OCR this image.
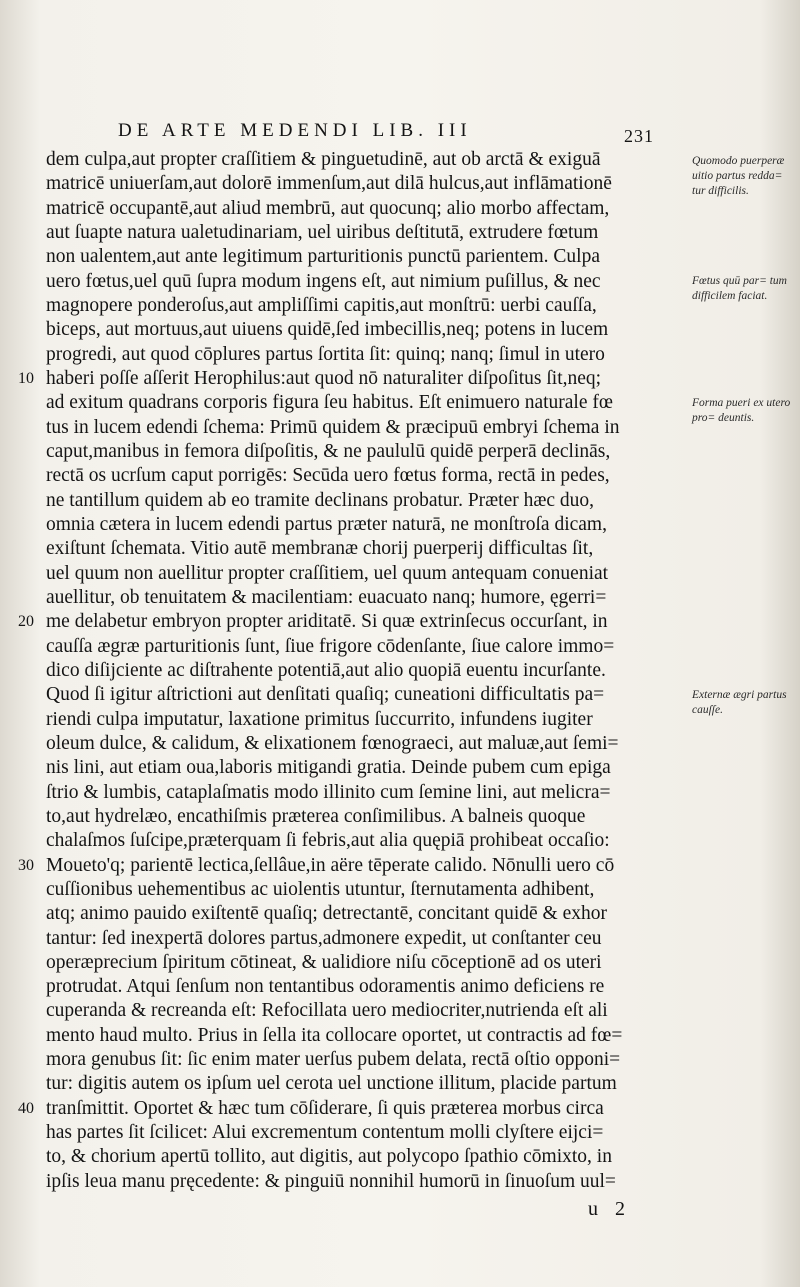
DE ARTE MEDENDI LIB. III	231
dem culpa,aut propter craſſitiem & pinguetudinē, aut ob arctā & exiguā
matricē uniuerſam,aut dolorē immenſum,aut dilā hulcus,aut inflāmationē
matricē occupantē,aut aliud membrū, aut quocunq; alio morbo affectam,
aut ſuapte natura ualetudinariam, uel uiribus deſtitutā, extrudere fœtum
non ualentem,aut ante legitimum parturitionis punctū parientem. Culpa
uero fœtus,uel quū ſupra modum ingens eſt, aut nimium puſillus, & nec
magnopere ponderoſus,aut ampliſſimi capitis,aut monſtrū: uerbi cauſſa,
biceps, aut mortuus,aut uiuens quidē,ſed imbecillis,neq; potens in lucem
progredi, aut quod cōplures partus ſortita ſit: quinq; nanq; ſimul in utero
10 haberi poſſe aſſerit Herophilus:aut quod nō naturaliter diſpoſitus ſit,neq;
ad exitum quadrans corporis figura ſeu habitus. Eſt enimuero naturale fœ
tus in lucem edendi ſchema: Primū quidem & præcipuū embryi ſchema in
caput,manibus in femora diſpoſitis, & ne paululū quidē perperā declinās,
rectā os ucrſum caput porrigēs: Secūda uero fœtus forma, rectā in pedes,
ne tantillum quidem ab eo tramite declinans probatur. Præter hæc duo,
omnia cætera in lucem edendi partus præter naturā, ne monſtroſa dicam,
exiſtunt ſchemata. Vitio autē membranæ chorij puerperij difficultas ſit,
uel quum non auellitur propter craſſitiem, uel quum antequam conueniat
auellitur, ob tenuitatem & macilentiam: euacuato nanq; humore, ęgerri=
20 me delabetur embryon propter ariditatē. Si quæ extrinſecus occurſant, in
cauſſa ægræ parturitionis ſunt, ſiue frigore cōdenſante, ſiue calore immo=
dico diſijciente ac diſtrahente potentiā,aut alio quopiā euentu incurſante.
Quod ſi igitur aſtrictioni aut denſitati quaſiq; cuneationi difficultatis pa=
riendi culpa imputatur, laxatione primitus ſuccurrito, infundens iugiter
oleum dulce, & calidum, & elixationem fœnograeci, aut maluæ,aut ſemi=
nis lini, aut etiam oua,laboris mitigandi gratia. Deinde pubem cum epiga
ſtrio & lumbis, cataplaſmatis modo illinito cum ſemine lini, aut melicra=
to,aut hydrelæo, encathiſmis præterea conſimilibus. A balneis quoque
chalaſmos ſuſcipe,præterquam ſi febris,aut alia quępiā prohibeat occaſio:
30 Moueto'q; parientē lectica,ſellâue,in aëre tēperate calido. Nōnulli uero cō
cuſſionibus uehementibus ac uiolentis utuntur, ſternutamenta adhibent,
atq; animo pauido exiſtentē quaſiq; detrectantē, concitant quidē & exhor
tantur: ſed inexpertā dolores partus,admonere expedit, ut conſtanter ceu
operæprecium ſpiritum cōtineat, & ualidiore niſu cōceptionē ad os uteri
protrudat. Atqui ſenſum non tentantibus odoramentis animo deficiens re
cuperanda & recreanda eſt: Refocillata uero mediocriter,nutrienda eſt ali
mento haud multo. Prius in ſella ita collocare oportet, ut contractis ad fœ=
mora genubus ſit: ſic enim mater uerſus pubem delata, rectā oſtio opponi=
tur: digitis autem os ipſum uel cerota uel unctione illitum, placide partum
40 tranſmittit. Oportet & hæc tum cōſiderare, ſi quis præterea morbus circa
has partes ſit ſcilicet: Alui excrementum contentum molli clyſtere eijci=
to, & chorium apertū tollito, aut digitis, aut polycopo ſpathio cōmixto, in
ipſis leua manu pręcedente: & pinguiū nonnihil humorū in ſinuoſum uul=
Quomodo puerperæ uitio partus redda= tur difficilis.
Fœtus quū par= tum difficilem faciat.
Forma pueri ex utero pro= deuntis.
Externæ ægri partus cauſſe.
u 2
